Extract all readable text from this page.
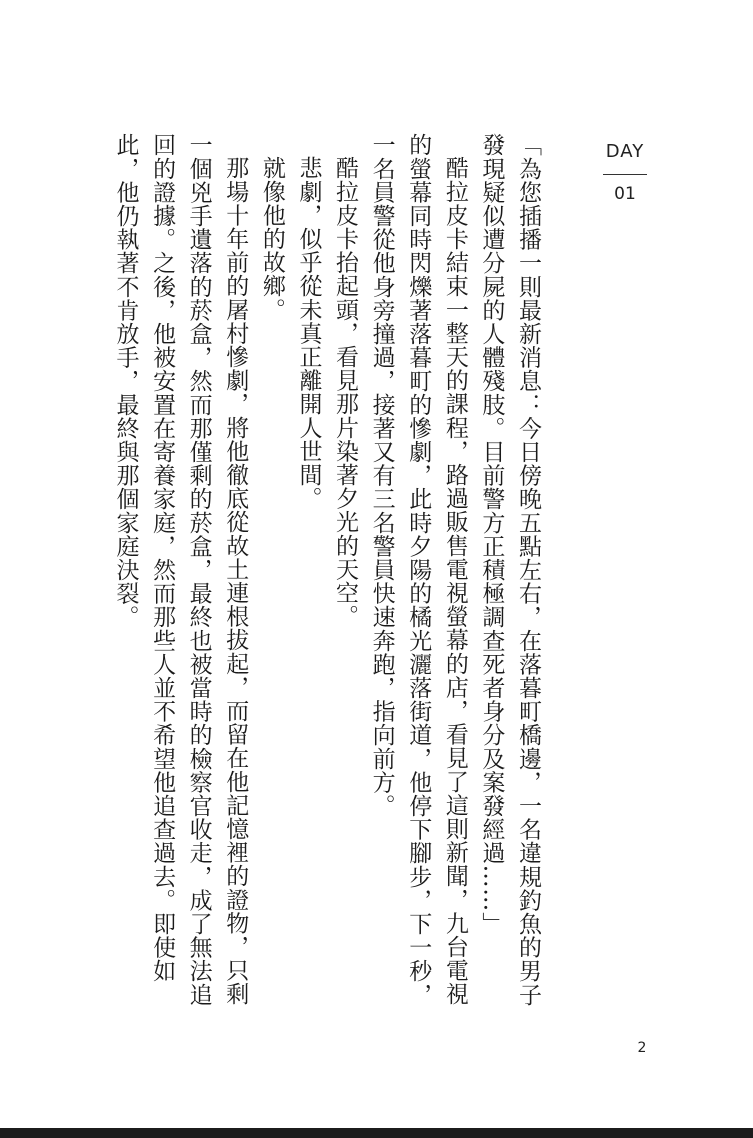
DAY
01

「為您插播一則最新消息：今日傍晚五點左右，在落暮町橋邊，一名違規釣魚的男子發現疑似遭分屍的人體殘肢。目前警方正積極調查死者身分及案發經過……」

酷拉皮卡結束一整天的課程，路過販售電視螢幕的店，看見了這則新聞，九台電視的螢幕同時閃爍著落暮町的慘劇，此時夕陽的橘光灑落街道，他停下腳步，下一秒，一名員警從他身旁撞過，接著又有三名警員快速奔跑，指向前方。

酷拉皮卡抬起頭，看見那片染著夕光的天空。

悲劇，似乎從未真正離開人世間。

就像他的故鄉。

那場十年前的屠村慘劇，將他徹底從故土連根拔起，而留在他記憶裡的證物，只剩一個兇手遺落的菸盒，然而那僅剩的菸盒，最終也被當時的檢察官收走，成了無法追回的證據。之後，他被安置在寄養家庭，然而那些人並不希望他追查過去。即使如此，他仍執著不肯放手，最終與那個家庭決裂。

2
